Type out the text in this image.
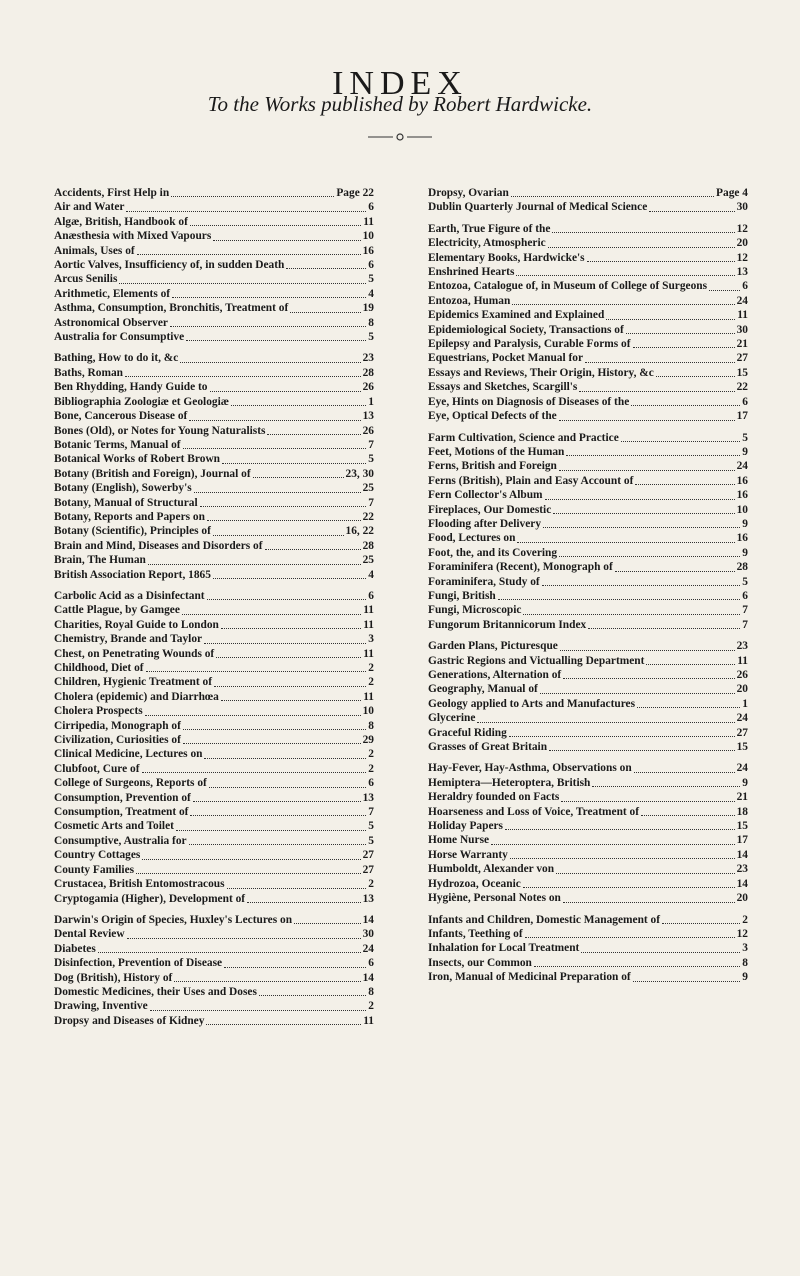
INDEX
To the Works published by Robert Hardwicke.
Accidents, First Help in	Page 22
Air and Water	6
Algæ, British, Handbook of	11
Anæsthesia with Mixed Vapours	10
Animals, Uses of	16
Aortic Valves, Insufficiency of, in sudden Death	6
Arcus Senilis	5
Arithmetic, Elements of	4
Asthma, Consumption, Bronchitis, Treatment of	19
Astronomical Observer	8
Australia for Consumptive	5
Bathing, How to do it, &c	23
Baths, Roman	28
Ben Rhydding, Handy Guide to	26
Bibliographia Zoologiæ et Geologiæ	1
Bone, Cancerous Disease of	13
Bones (Old), or Notes for Young Naturalists	26
Botanic Terms, Manual of	7
Botanical Works of Robert Brown	5
Botany (British and Foreign), Journal of	23, 30
Botany (English), Sowerby's	25
Botany, Manual of Structural	7
Botany, Reports and Papers on	22
Botany (Scientific), Principles of	16, 22
Brain and Mind, Diseases and Disorders of	28
Brain, The Human	25
British Association Report, 1865	4
Carbolic Acid as a Disinfectant	6
Cattle Plague, by Gamgee	11
Charities, Royal Guide to London	11
Chemistry, Brande and Taylor	3
Chest, on Penetrating Wounds of	11
Childhood, Diet of	2
Children, Hygienic Treatment of	2
Cholera (epidemic) and Diarrhœa	11
Cholera Prospects	10
Cirripedia, Monograph of	8
Civilization, Curiosities of	29
Clinical Medicine, Lectures on	2
Clubfoot, Cure of	2
College of Surgeons, Reports of	6
Consumption, Prevention of	13
Consumption, Treatment of	7
Cosmetic Arts and Toilet	5
Consumptive, Australia for	5
Country Cottages	27
County Families	27
Crustacea, British Entomostracous	2
Cryptogamia (Higher), Development of	13
Darwin's Origin of Species, Huxley's Lectures on	14
Dental Review	30
Diabetes	24
Disinfection, Prevention of Disease	6
Dog (British), History of	14
Domestic Medicines, their Uses and Doses	8
Drawing, Inventive	2
Dropsy and Diseases of Kidney	11
Dropsy, Ovarian	Page 4
Dublin Quarterly Journal of Medical Science	30
Earth, True Figure of the	12
Electricity, Atmospheric	20
Elementary Books, Hardwicke's	12
Enshrined Hearts	13
Entozoa, Catalogue of, in Museum of College of Surgeons	6
Entozoa, Human	24
Epidemics Examined and Explained	11
Epidemiological Society, Transactions of	30
Epilepsy and Paralysis, Curable Forms of	21
Equestrians, Pocket Manual for	27
Essays and Reviews, Their Origin, History, &c	15
Essays and Sketches, Scargill's	22
Eye, Hints on Diagnosis of Diseases of the	6
Eye, Optical Defects of the	17
Farm Cultivation, Science and Practice	5
Feet, Motions of the Human	9
Ferns, British and Foreign	24
Ferns (British), Plain and Easy Account of	16
Fern Collector's Album	16
Fireplaces, Our Domestic	10
Flooding after Delivery	9
Food, Lectures on	16
Foot, the, and its Covering	9
Foraminifera (Recent), Monograph of	28
Foraminifera, Study of	5
Fungi, British	6
Fungi, Microscopic	7
Fungorum Britannicorum Index	7
Garden Plans, Picturesque	23
Gastric Regions and Victualling Department	11
Generations, Alternation of	26
Geography, Manual of	20
Geology applied to Arts and Manufactures	1
Glycerine	24
Graceful Riding	27
Grasses of Great Britain	15
Hay-Fever, Hay-Asthma, Observations on	24
Hemiptera—Heteroptera, British	9
Heraldry founded on Facts	21
Hoarseness and Loss of Voice, Treatment of	18
Holiday Papers	15
Home Nurse	17
Horse Warranty	14
Humboldt, Alexander von	23
Hydrozoa, Oceanic	14
Hygiène, Personal Notes on	20
Infants and Children, Domestic Management of	2
Infants, Teething of	12
Inhalation for Local Treatment	3
Insects, our Common	8
Iron, Manual of Medicinal Preparation of	9
